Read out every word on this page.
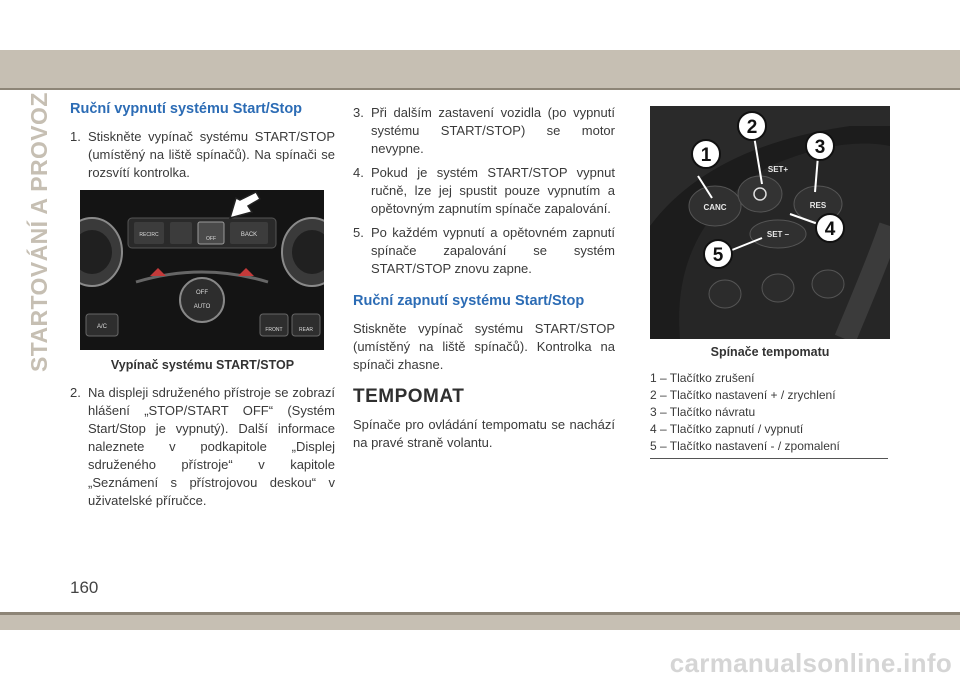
STARTOVÁNÍ A PROVOZ Ruční vypnutí systému Start/Stop
1. Stiskněte vypínač systému START/STOP (umístěný na liště spínačů). Na spínači se rozsvítí kontrolka.
RECIRC
OFF
BACK
OFF
AUTO
A/C	FRONT	REAR
Vypínač systému START/STOP
2. Na displeji sdruženého přístroje se zobrazí hlášení „STOP/START OFF“ (Systém Start/Stop je vypnutý). Další informace naleznete v podkapitole „Displej sdruženého přístroje“ v kapitole „Seznámení s přístrojovou deskou“ v uživatelské příručce.
3. Při dalším zastavení vozidla (po vypnutí systému START/STOP) se motor nevypne.
4. Pokud je systém START/STOP vypnut ručně, lze jej spustit pouze vypnutím a opětovným zapnutím spínače zapalování.
5. Po každém vypnutí a opětovném zapnutí spínače zapalování se systém START/STOP znovu zapne.
Ruční zapnutí systému Start/Stop
Stiskněte vypínač systému START/STOP (umístěný na liště spínačů). Kontrolka na spínači zhasne.
TEMPOMAT
Spínače pro ovládání tempomatu se nachází na pravé straně volantu.
CANC
SET+
RES
SET –
1
2
3
4
5
Spínače tempomatu
1 – Tlačítko zrušení
2 – Tlačítko nastavení + / zrychlení
3 – Tlačítko návratu
4 – Tlačítko zapnutí / vypnutí
5 – Tlačítko nastavení - / zpomalení
160
carmanualsonline.info
